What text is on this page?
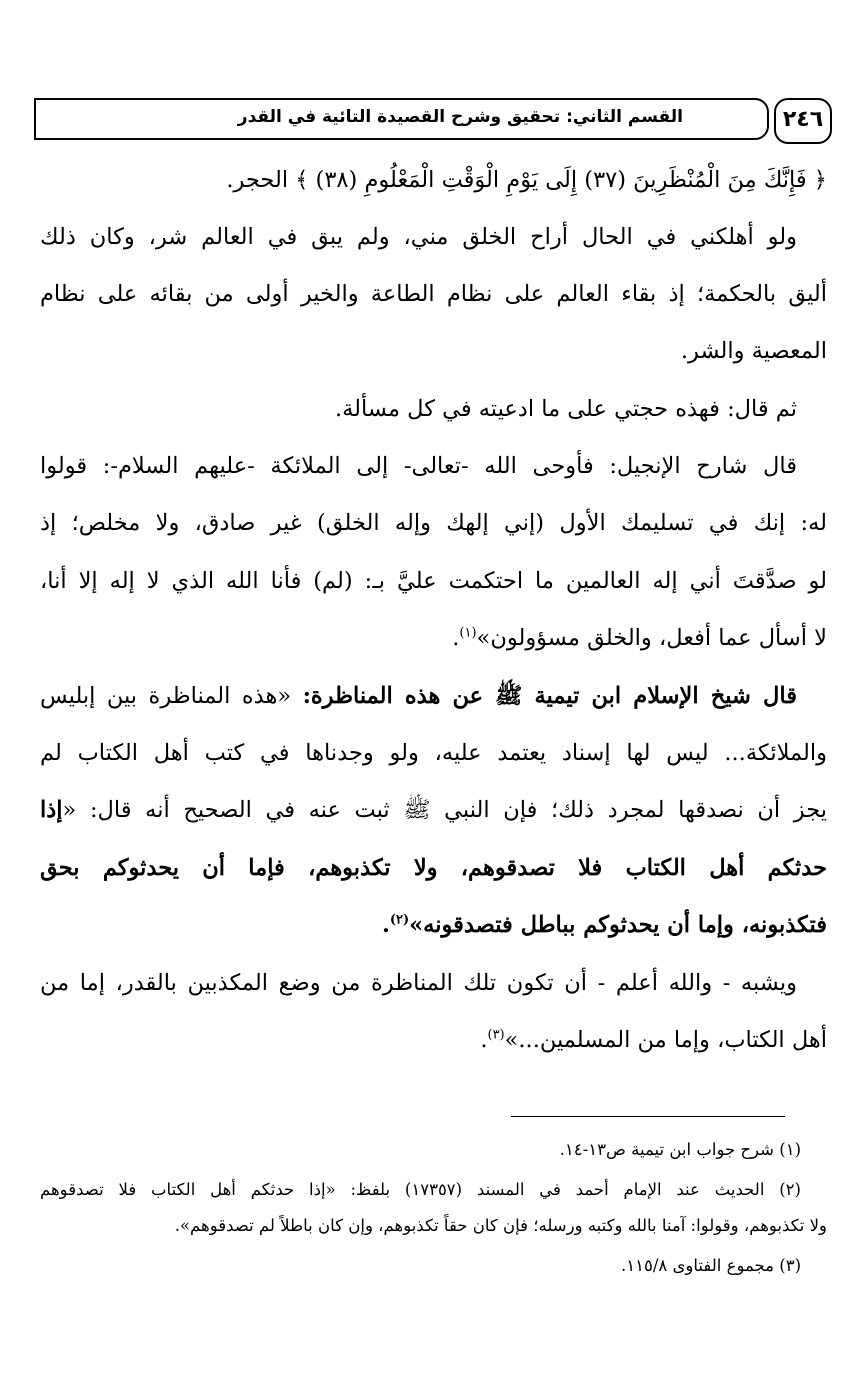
القسم الثاني: تحقيق وشرح القصيدة التائية في القدر	٢٤٦
﴿ فَإِنَّكَ مِنَ الْمُنْظَرِينَ (٣٧) إِلَى يَوْمِ الْوَقْتِ الْمَعْلُومِ (٣٨) ﴾ الحجر.
ولو أهلكني في الحال أراح الخلق مني، ولم يبق في العالم شر، وكان ذلك
أليق بالحكمة؛ إذ بقاء العالم على نظام الطاعة والخير أولى من بقائه على نظام
المعصية والشر.
ثم قال: فهذه حجتي على ما ادعيته في كل مسألة.
قال شارح الإنجيل: فأوحى الله -تعالى- إلى الملائكة -عليهم السلام-: قولوا
له: إنك في تسليمك الأول (إني إلهك وإله الخلق) غير صادق، ولا مخلص؛ إذ
لو صدَّقتَ أني إله العالمين ما احتكمت عليَّ بـ: (لم) فأنا الله الذي لا إله إلا أنا،
لا أسأل عما أفعل، والخلق مسؤولون»$^{(١)}$.
قال شيخ الإسلام ابن تيمية ﷺ عن هذه المناظرة: «هذه المناظرة بين إبليس
والملائكة... ليس لها إسناد يعتمد عليه، ولو وجدناها في كتب أهل الكتاب لم
يجز أن نصدقها لمجرد ذلك؛ فإن النبي ﷺ ثبت عنه في الصحيح أنه قال: «إذا
حدثكم أهل الكتاب فلا تصدقوهم، ولا تكذبوهم، فإما أن يحدثوكم بحق
فتكذبونه، وإما أن يحدثوكم بباطل فتصدقونه»$^{(٢)}$.
ويشبه - والله أعلم - أن تكون تلك المناظرة من وضع المكذبين بالقدر، إما من
أهل الكتاب، وإما من المسلمين...»$^{(٣)}$.
(١) شرح جواب ابن تيمية ص١٣-١٤.
(٢) الحديث عند الإمام أحمد في المسند (١٧٣٥٧) بلفظ: «إذا حدثكم أهل الكتاب فلا تصدقوهم
ولا تكذبوهم، وقولوا: آمنا بالله وكتبه ورسله؛ فإن كان حقاً تكذبوهم، وإن كان باطلاً لم تصدقوهم».
(٣) مجموع الفتاوى ١١٥/٨.
